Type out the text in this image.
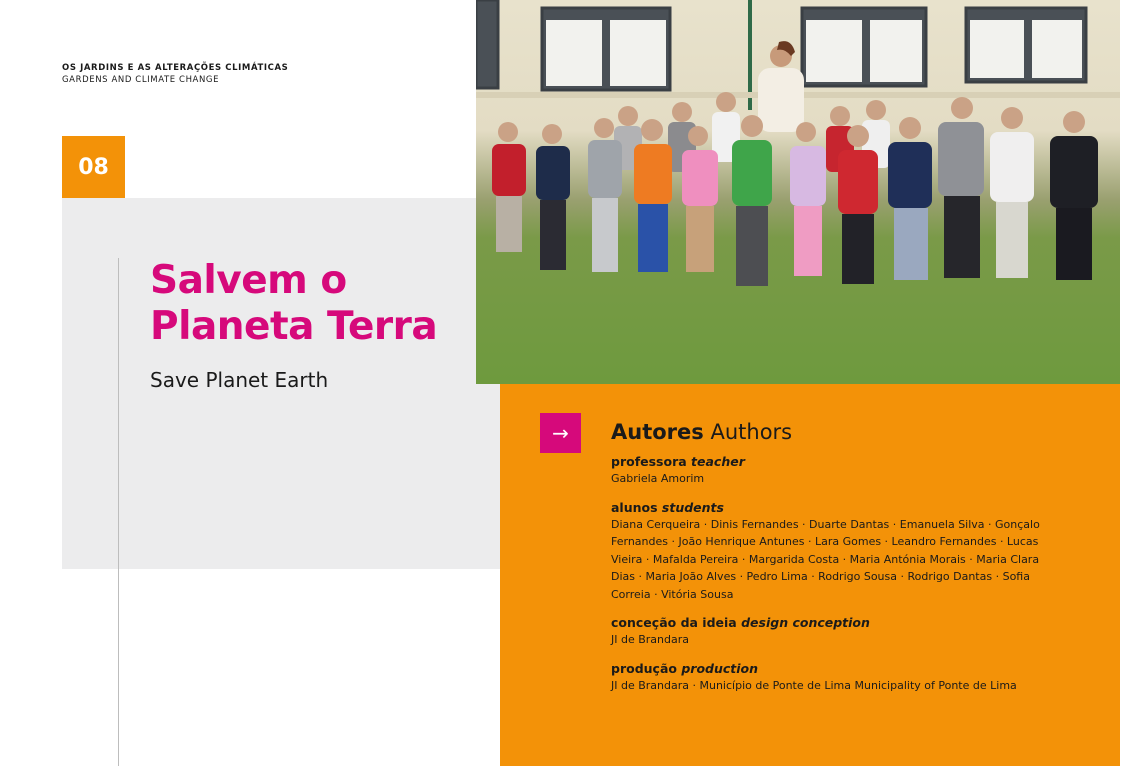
OS JARDINS E AS ALTERAÇÕES CLIMÁTICAS
GARDENS AND CLIMATE CHANGE
08
Salvem o
Planeta Terra
Save Planet Earth
→	Autores Authors
professora teacher
Gabriela Amorim
alunos students
Diana Cerqueira · Dinis Fernandes · Duarte Dantas · Emanuela Silva · Gonçalo Fernandes · João Henrique Antunes · Lara Gomes · Leandro Fernandes · Lucas Vieira · Mafalda Pereira · Margarida Costa · Maria Antónia Morais · Maria Clara Dias · Maria João Alves · Pedro Lima · Rodrigo Sousa · Rodrigo Dantas · Sofia Correia · Vitória Sousa
conceção da ideia design conception
JI de Brandara
produção production
JI de Brandara · Município de Ponte de Lima Municipality of Ponte de Lima
